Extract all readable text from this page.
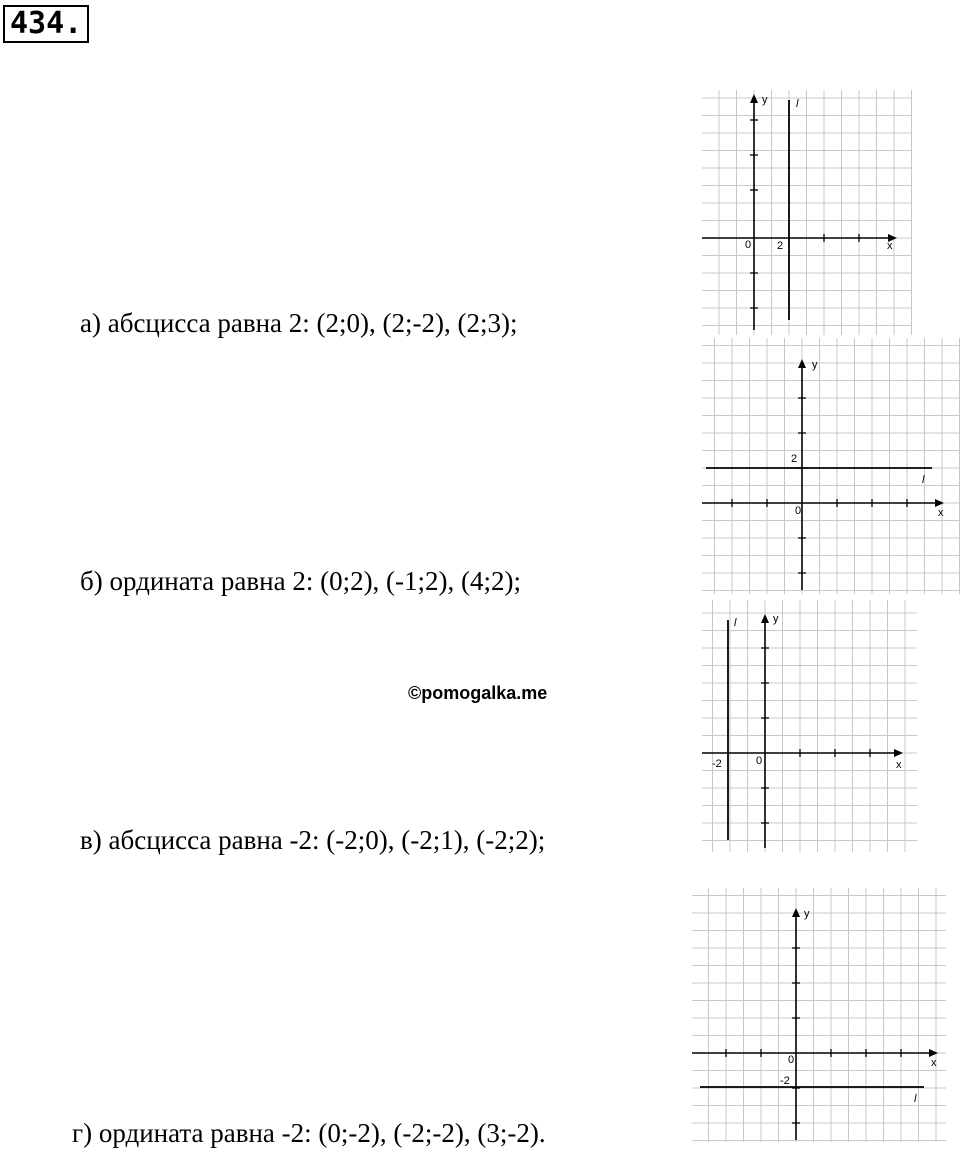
434.
а) абсцисса равна 2: (2;0), (2;-2), (2;3);
б) ордината равна 2: (0;2), (-1;2), (4;2);
в) абсцисса равна -2: (-2;0), (-2;1), (-2;2);
г) ордината равна -2: (0;-2), (-2;-2), (3;-2).
©pomogalka.me
y	l
x
0 2
y
l
x
0
2
y
l
x
0
-2
y
l
x
0
-2
